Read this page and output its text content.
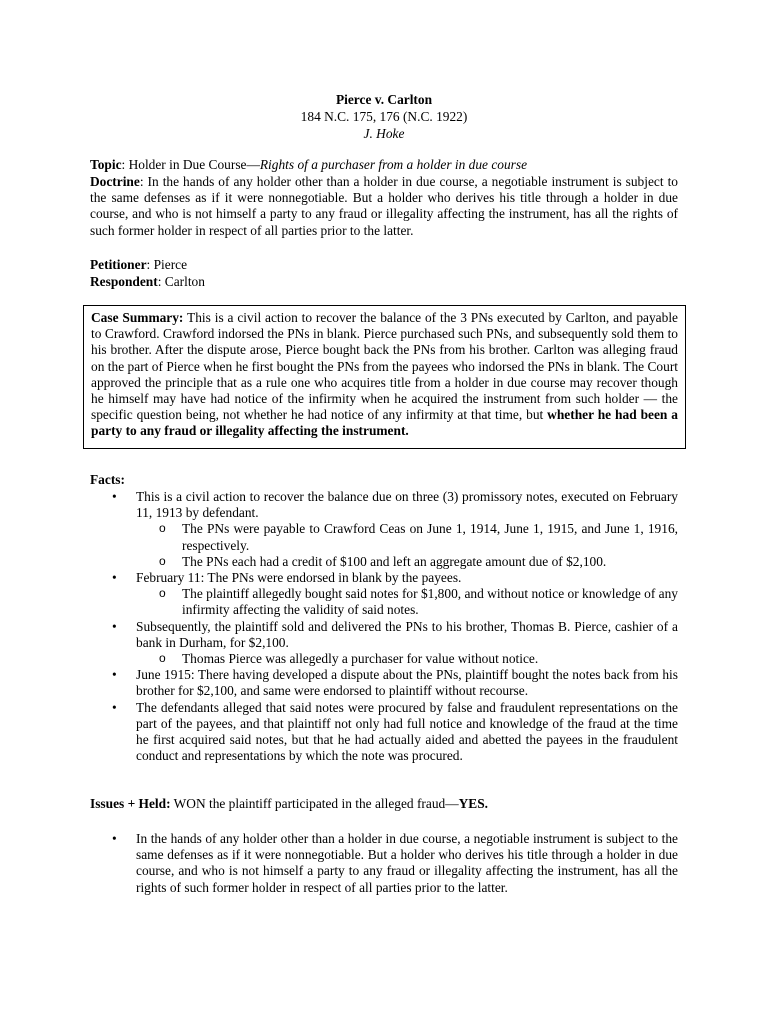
Pierce v. Carlton
184 N.C. 175, 176 (N.C. 1922)
J. Hoke
Topic: Holder in Due Course—Rights of a purchaser from a holder in due course
Doctrine: In the hands of any holder other than a holder in due course, a negotiable instrument is subject to the same defenses as if it were nonnegotiable. But a holder who derives his title through a holder in due course, and who is not himself a party to any fraud or illegality affecting the instrument, has all the rights of such former holder in respect of all parties prior to the latter.
Petitioner: Pierce
Respondent: Carlton
Case Summary: This is a civil action to recover the balance of the 3 PNs executed by Carlton, and payable to Crawford. Crawford indorsed the PNs in blank. Pierce purchased such PNs, and subsequently sold them to his brother. After the dispute arose, Pierce bought back the PNs from his brother. Carlton was alleging fraud on the part of Pierce when he first bought the PNs from the payees who indorsed the PNs in blank. The Court approved the principle that as a rule one who acquires title from a holder in due course may recover though he himself may have had notice of the infirmity when he acquired the instrument from such holder — the specific question being, not whether he had notice of any infirmity at that time, but whether he had been a party to any fraud or illegality affecting the instrument.
Facts:
• This is a civil action to recover the balance due on three (3) promissory notes, executed on February 11, 1913 by defendant.
o The PNs were payable to Crawford Ceas on June 1, 1914, June 1, 1915, and June 1, 1916, respectively.
o The PNs each had a credit of $100 and left an aggregate amount due of $2,100.
• February 11: The PNs were endorsed in blank by the payees.
o The plaintiff allegedly bought said notes for $1,800, and without notice or knowledge of any infirmity affecting the validity of said notes.
• Subsequently, the plaintiff sold and delivered the PNs to his brother, Thomas B. Pierce, cashier of a bank in Durham, for $2,100.
o Thomas Pierce was allegedly a purchaser for value without notice.
• June 1915: There having developed a dispute about the PNs, plaintiff bought the notes back from his brother for $2,100, and same were endorsed to plaintiff without recourse.
• The defendants alleged that said notes were procured by false and fraudulent representations on the part of the payees, and that plaintiff not only had full notice and knowledge of the fraud at the time he first acquired said notes, but that he had actually aided and abetted the payees in the fraudulent conduct and representations by which the note was procured.
Issues + Held: WON the plaintiff participated in the alleged fraud—YES.
• In the hands of any holder other than a holder in due course, a negotiable instrument is subject to the same defenses as if it were nonnegotiable. But a holder who derives his title through a holder in due course, and who is not himself a party to any fraud or illegality affecting the instrument, has all the rights of such former holder in respect of all parties prior to the latter.
